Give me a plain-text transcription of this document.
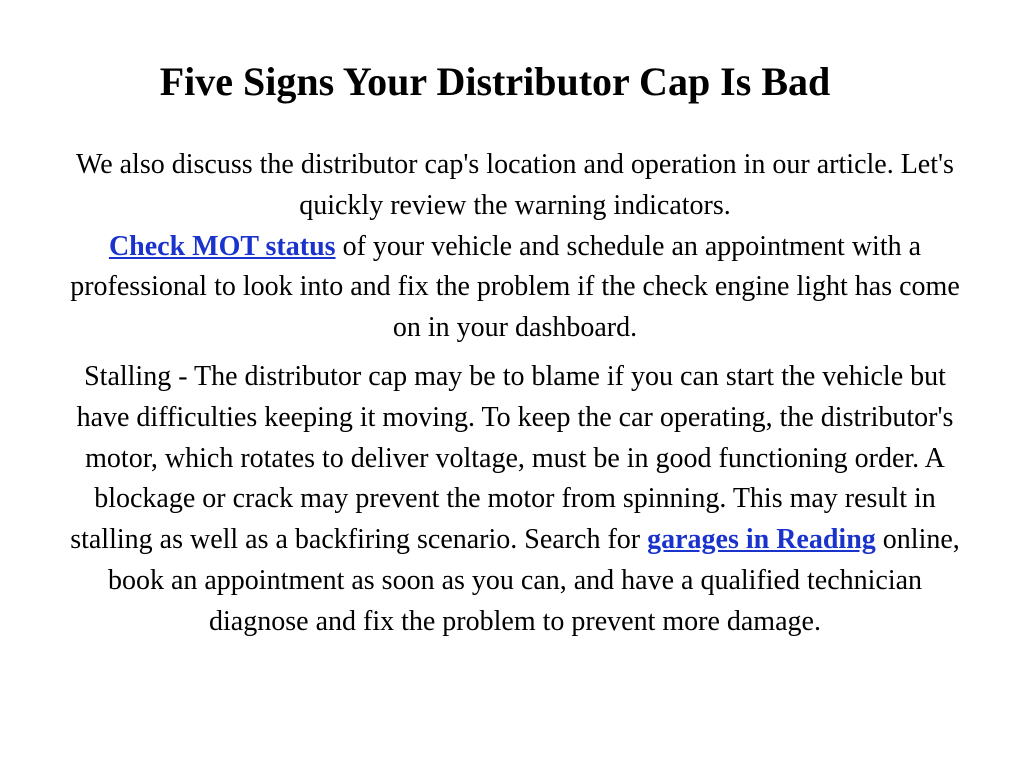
Five Signs Your Distributor Cap Is Bad

We also discuss the distributor cap's location and operation in our article. Let's quickly review the warning indicators.
Check MOT status of your vehicle and schedule an appointment with a professional to look into and fix the problem if the check engine light has come on in your dashboard.

Stalling - The distributor cap may be to blame if you can start the vehicle but have difficulties keeping it moving. To keep the car operating, the distributor's motor, which rotates to deliver voltage, must be in good functioning order. A blockage or crack may prevent the motor from spinning. This may result in stalling as well as a backfiring scenario. Search for garages in Reading online, book an appointment as soon as you can, and have a qualified technician diagnose and fix the problem to prevent more damage.
